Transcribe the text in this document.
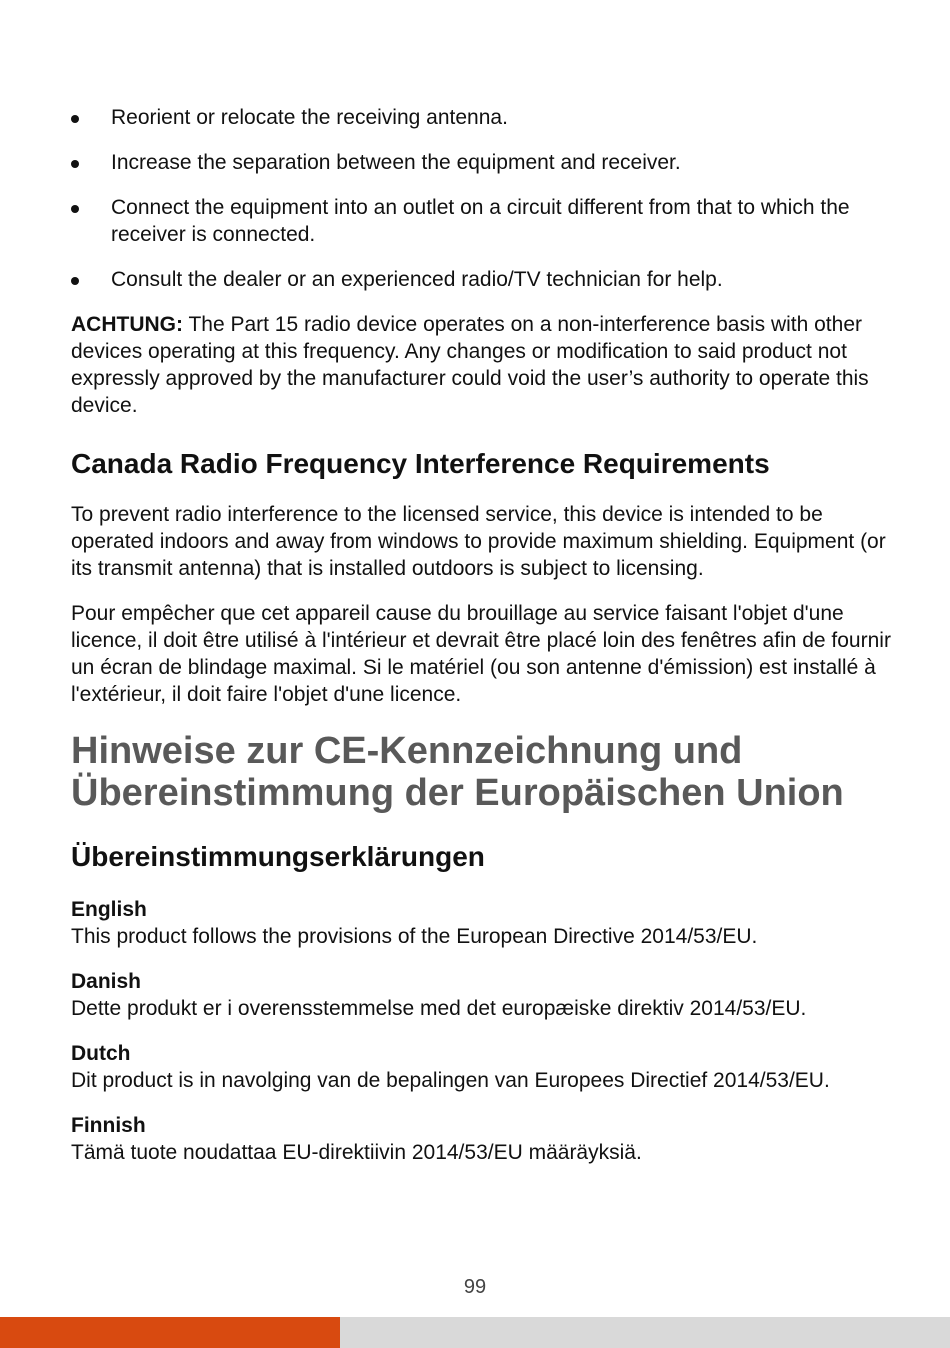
Reorient or relocate the receiving antenna.
Increase the separation between the equipment and receiver.
Connect the equipment into an outlet on a circuit different from that to which the receiver is connected.
Consult the dealer or an experienced radio/TV technician for help.

ACHTUNG: The Part 15 radio device operates on a non-interference basis with other devices operating at this frequency. Any changes or modification to said product not expressly approved by the manufacturer could void the user’s authority to operate this device.

Canada Radio Frequency Interference Requirements

To prevent radio interference to the licensed service, this device is intended to be operated indoors and away from windows to provide maximum shielding. Equipment (or its transmit antenna) that is installed outdoors is subject to licensing.

Pour empêcher que cet appareil cause du brouillage au service faisant l'objet d'une licence, il doit être utilisé à l'intérieur et devrait être placé loin des fenêtres afin de fournir un écran de blindage maximal. Si le matériel (ou son antenne d'émission) est installé à l'extérieur, il doit faire l'objet d'une licence.

Hinweise zur CE-Kennzeichnung und Übereinstimmung der Europäischen Union
Übereinstimmungserklärungen
English
This product follows the provisions of the European Directive 2014/53/EU.
Danish
Dette produkt er i overensstemmelse med det europæiske direktiv 2014/53/EU.
Dutch
Dit product is in navolging van de bepalingen van Europees Directief 2014/53/EU.
Finnish
Tämä tuote noudattaa EU-direktiivin 2014/53/EU määräyksiä.
99
